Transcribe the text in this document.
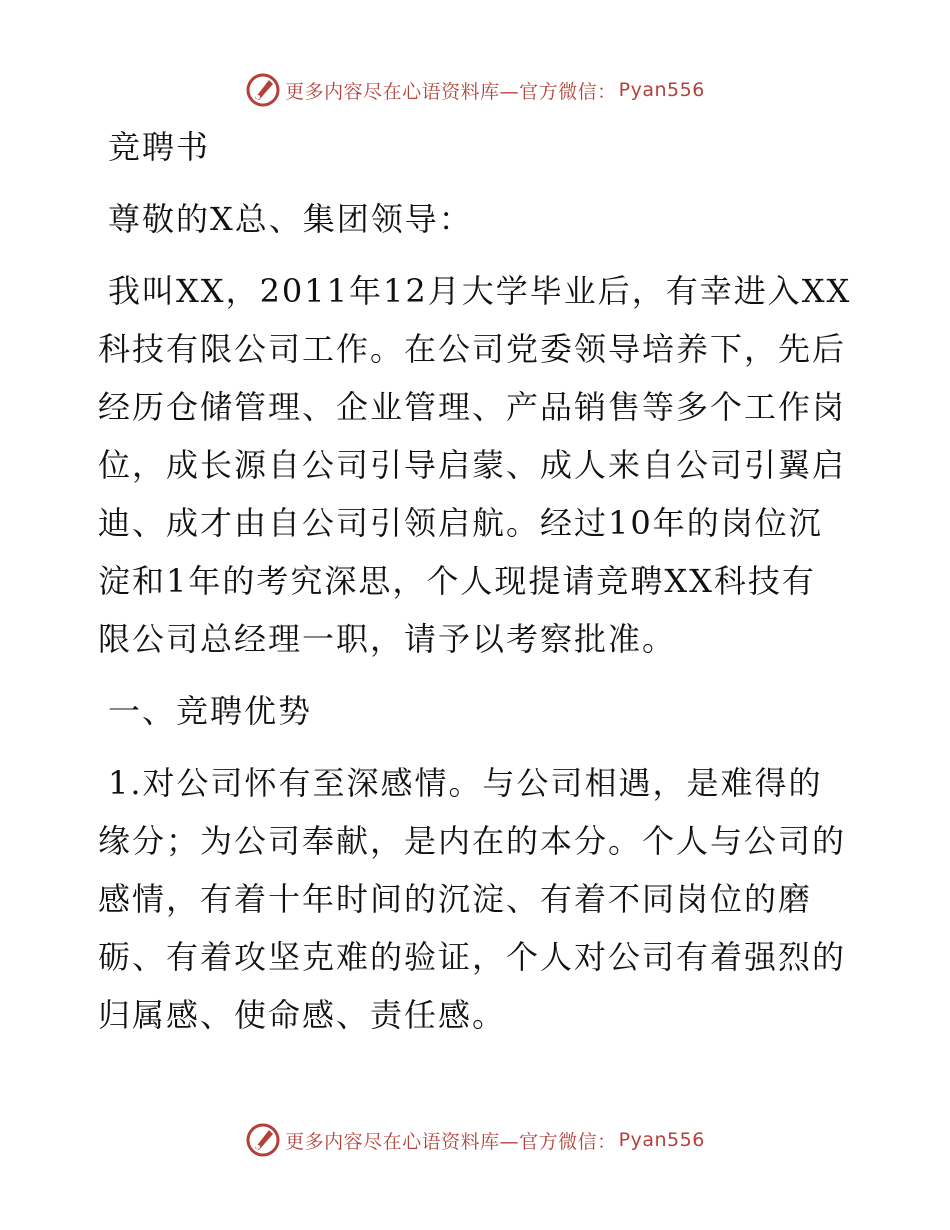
更多内容尽在心语资料库—官方微信： Pyan556
竞聘书
尊敬的X总、集团领导：
我叫XX，2011年12月大学毕业后，有幸进入XX
科技有限公司工作。在公司党委领导培养下，先后
经历仓储管理、企业管理、产品销售等多个工作岗
位，成长源自公司引导启蒙、成人来自公司引翼启
迪、成才由自公司引领启航。经过10年的岗位沉
淀和1年的考究深思，个人现提请竞聘XX科技有
限公司总经理一职，请予以考察批准。
一、竞聘优势
1.对公司怀有至深感情。与公司相遇，是难得的
缘分；为公司奉献，是内在的本分。个人与公司的
感情，有着十年时间的沉淀、有着不同岗位的磨
砺、有着攻坚克难的验证，个人对公司有着强烈的
归属感、使命感、责任感。
更多内容尽在心语资料库—官方微信： Pyan556
